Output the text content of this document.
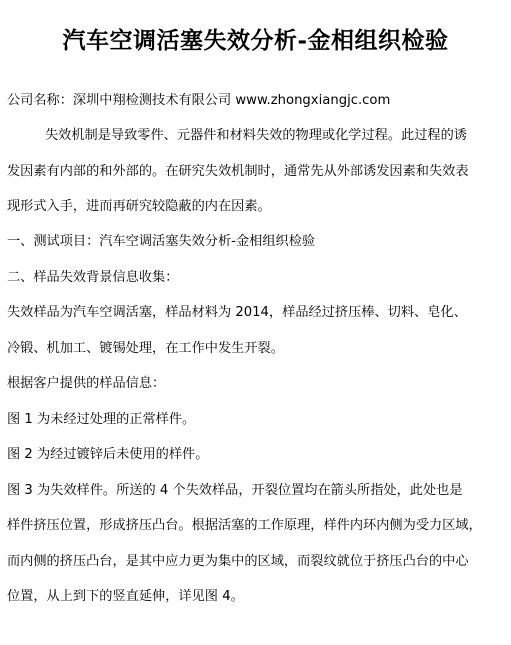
汽车空调活塞失效分析-金相组织检验
公司名称：深圳中翔检测技术有限公司 www.zhongxiangjc.com
失效机制是导致零件、元器件和材料失效的物理或化学过程。此过程的诱
发因素有内部的和外部的。在研究失效机制时，通常先从外部诱发因素和失效表
现形式入手，进而再研究较隐蔽的内在因素。
一、测试项目：汽车空调活塞失效分析-金相组织检验
二、样品失效背景信息收集：
失效样品为汽车空调活塞，样品材料为 2014，样品经过挤压棒、切料、皂化、
冷锻、机加工、镀锡处理，在工作中发生开裂。
根据客户提供的样品信息：
图 1 为未经过处理的正常样件。
图 2 为经过镀锌后未使用的样件。
图 3 为失效样件。所送的 4 个失效样品，开裂位置均在箭头所指处，此处也是
样件挤压位置，形成挤压凸台。根据活塞的工作原理，样件内环内侧为受力区域，
而内侧的挤压凸台，是其中应力更为集中的区域，而裂纹就位于挤压凸台的中心
位置，从上到下的竖直延伸，详见图 4。
